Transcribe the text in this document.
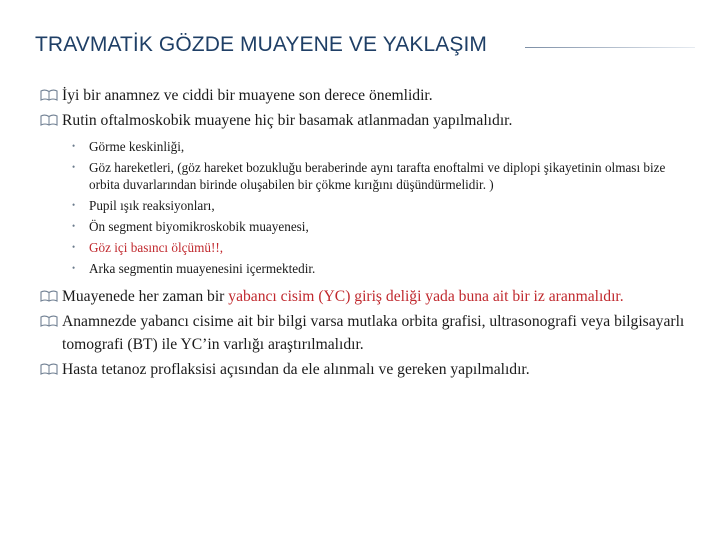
TRAVMATİK GÖZDE MUAYENE VE YAKLAŞIM

İyi bir anamnez ve ciddi bir muayene son derece önemlidir.

Rutin oftalmoskobik muayene hiç bir basamak atlanmadan yapılmalıdır.

• Görme keskinliği,

• Göz hareketleri, (göz hareket bozukluğu beraberinde aynı tarafta enoftalmi ve diplopi şikayetinin olması bize orbita duvarlarından birinde oluşabilen bir çökme kırığını düşündürmelidir. )

• Pupil ışık reaksiyonları,

• Ön segment biyomikroskobik muayenesi,

• Göz içi basıncı ölçümü!!,

• Arka segmentin muayenesini içermektedir.

Muayenede her zaman bir yabancı cisim (YC) giriş deliği yada buna ait bir iz aranmalıdır.

Anamnezde yabancı cisime ait bir bilgi varsa mutlaka orbita grafisi, ultrasonografi veya bilgisayarlı tomografi (BT) ile YC’in varlığı araştırılmalıdır.

Hasta tetanoz proflaksisi açısından da ele alınmalı ve gereken yapılmalıdır.
